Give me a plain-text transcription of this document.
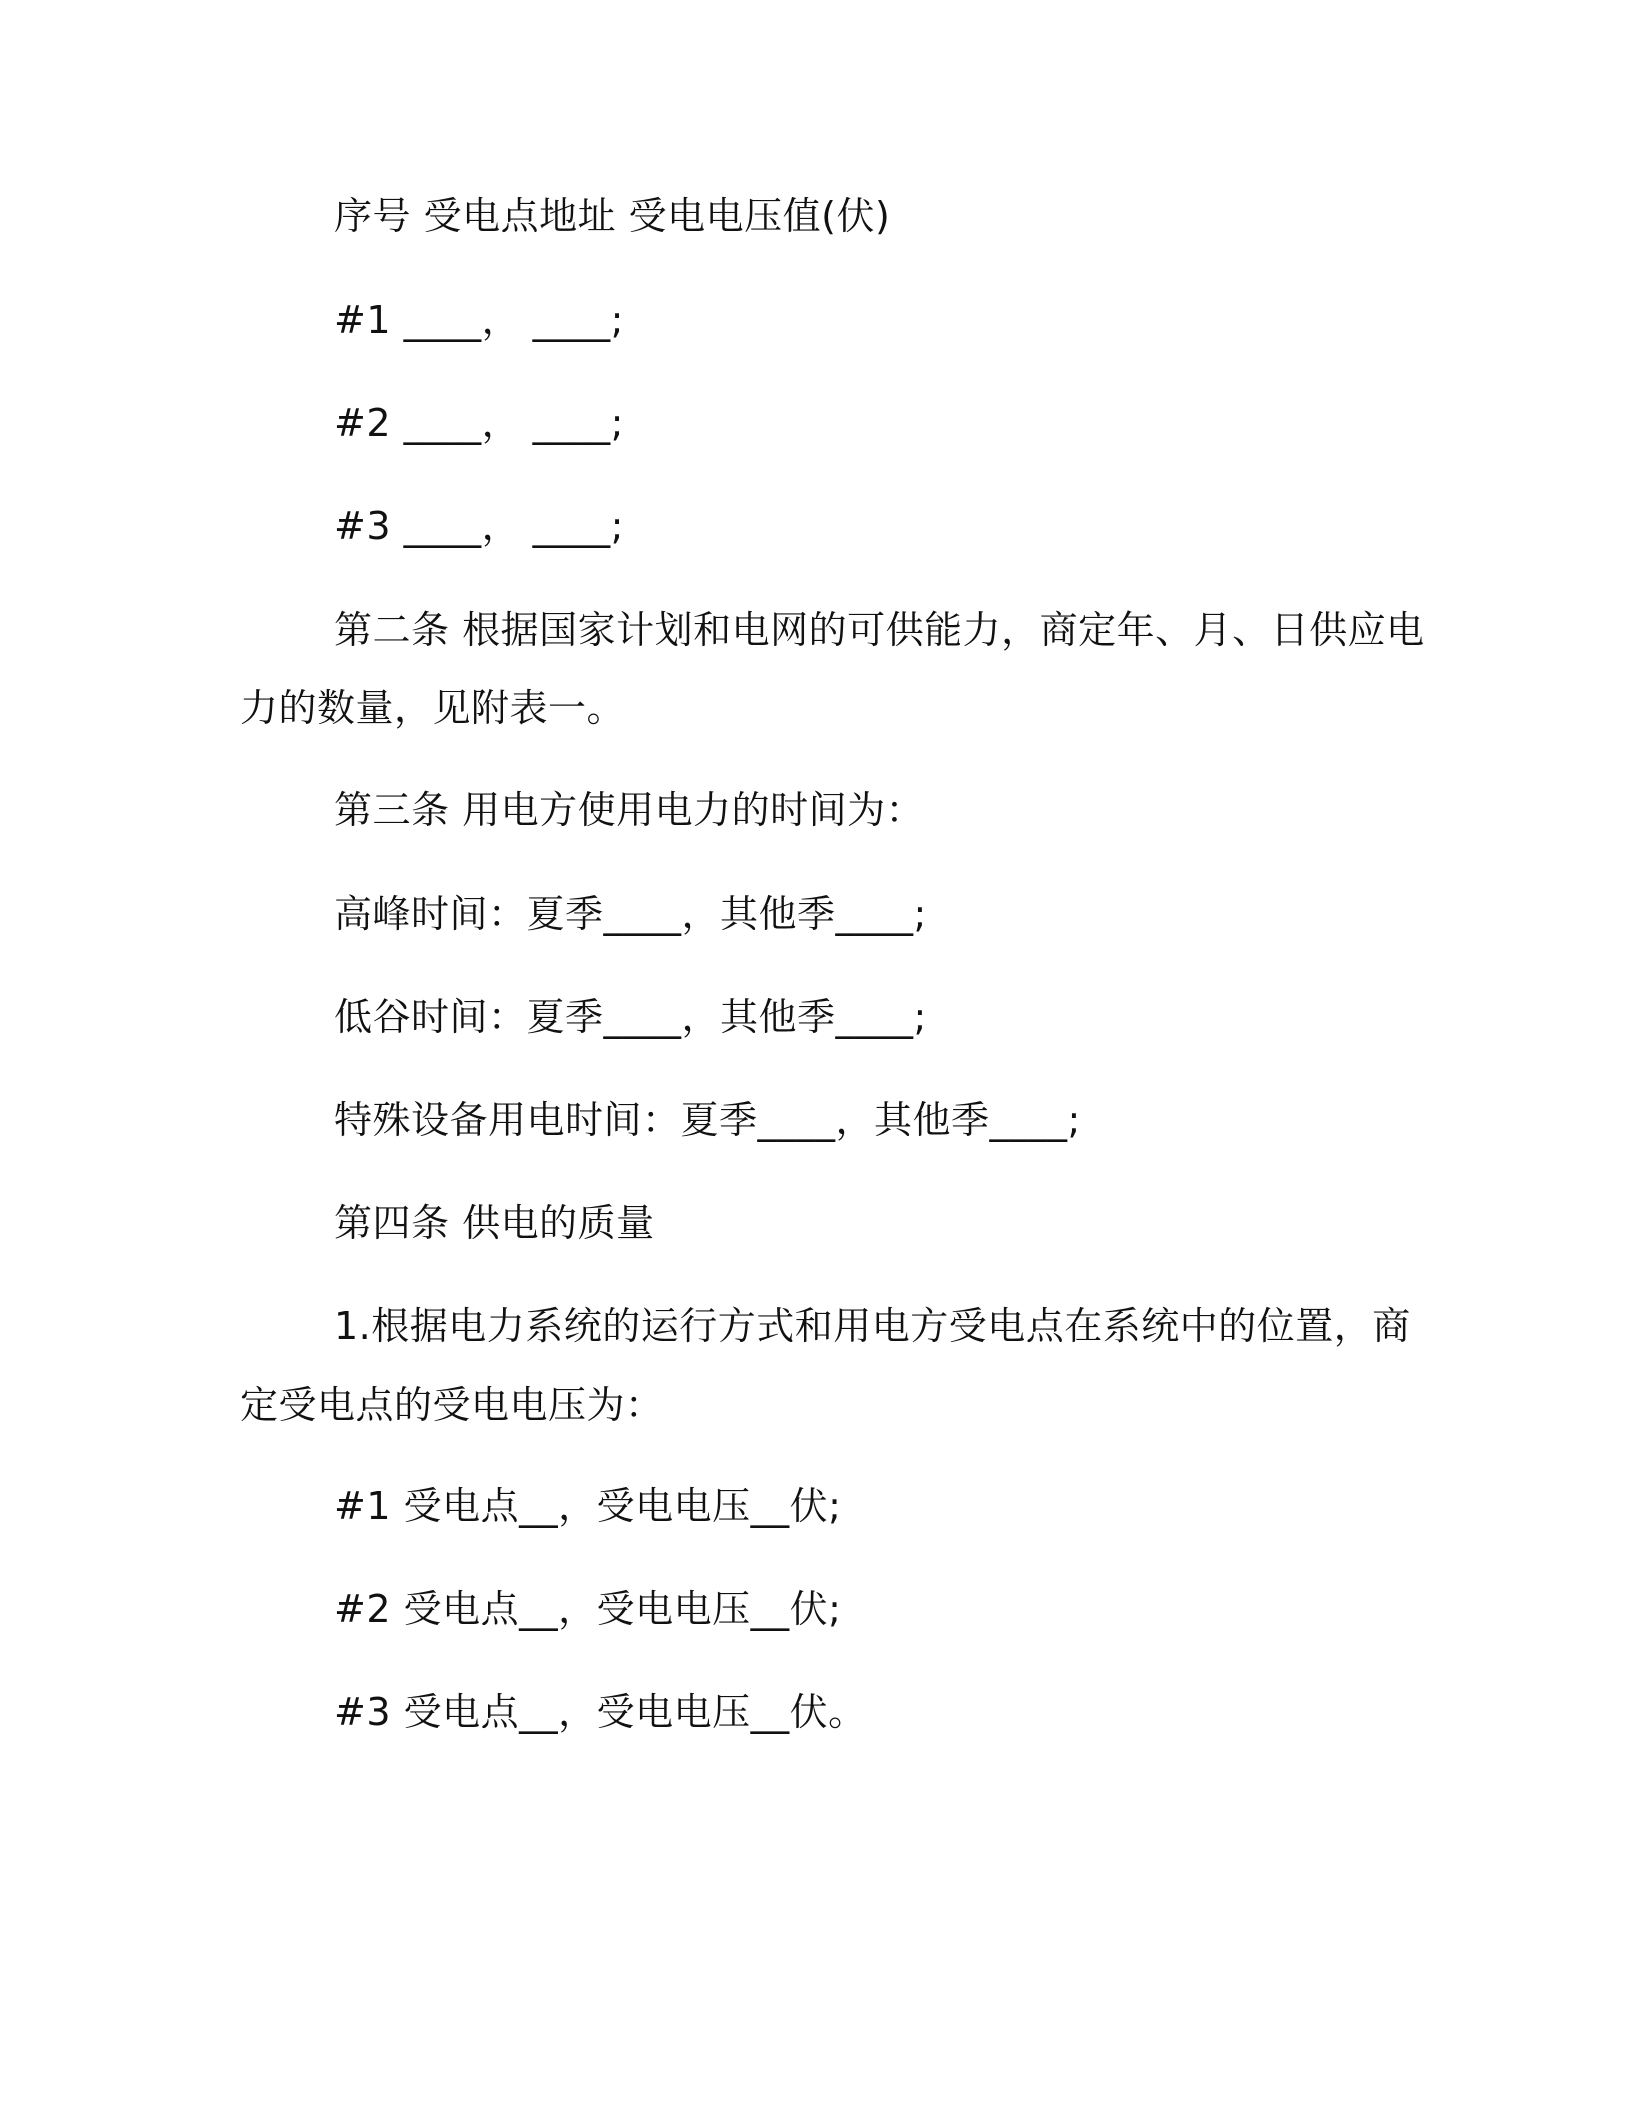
序号 受电点地址 受电电压值(伏)
#1 ____， ____;
#2 ____， ____;
#3 ____， ____;
第二条 根据国家计划和电网的可供能力，商定年、月、日供应电
力的数量，见附表一。
第三条 用电方使用电力的时间为：
高峰时间：夏季____，其他季____;
低谷时间：夏季____，其他季____;
特殊设备用电时间：夏季____，其他季____;
第四条 供电的质量
1.根据电力系统的运行方式和用电方受电点在系统中的位置，商
定受电点的受电电压为：
#1 受电点__，受电电压__伏;
#2 受电点__，受电电压__伏;
#3 受电点__，受电电压__伏。
